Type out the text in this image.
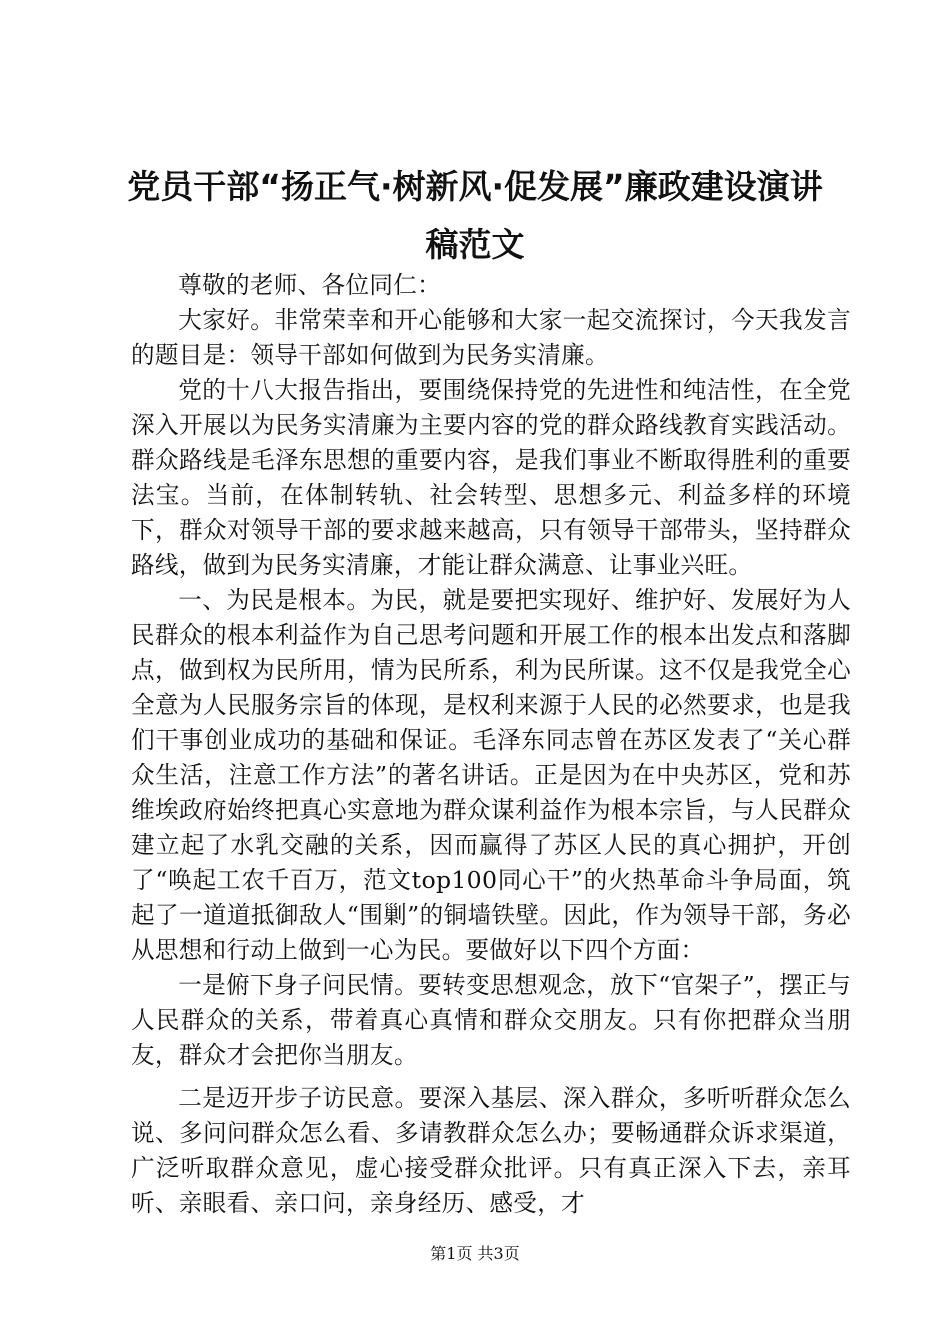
党员干部“扬正气·树新风·促发展”廉政建设演讲稿范文

尊敬的老师、各位同仁：

大家好。非常荣幸和开心能够和大家一起交流探讨，今天我发言的题目是：领导干部如何做到为民务实清廉。

党的十八大报告指出，要围绕保持党的先进性和纯洁性，在全党深入开展以为民务实清廉为主要内容的党的群众路线教育实践活动。群众路线是毛泽东思想的重要内容，是我们事业不断取得胜利的重要法宝。当前，在体制转轨、社会转型、思想多元、利益多样的环境下，群众对领导干部的要求越来越高，只有领导干部带头，坚持群众路线，做到为民务实清廉，才能让群众满意、让事业兴旺。

一、为民是根本。为民，就是要把实现好、维护好、发展好为人民群众的根本利益作为自己思考问题和开展工作的根本出发点和落脚点，做到权为民所用，情为民所系，利为民所谋。这不仅是我党全心全意为人民服务宗旨的体现，是权利来源于人民的必然要求，也是我们干事创业成功的基础和保证。毛泽东同志曾在苏区发表了“关心群众生活，注意工作方法”的著名讲话。正是因为在中央苏区，党和苏维埃政府始终把真心实意地为群众谋利益作为根本宗旨，与人民群众建立起了水乳交融的关系，因而赢得了苏区人民的真心拥护，开创了“唤起工农千百万，范文top100同心干”的火热革命斗争局面，筑起了一道道抵御敌人“围剿”的铜墙铁壁。因此，作为领导干部，务必从思想和行动上做到一心为民。要做好以下四个方面：

一是俯下身子问民情。要转变思想观念，放下“官架子”，摆正与人民群众的关系，带着真心真情和群众交朋友。只有你把群众当朋友，群众才会把你当朋友。

二是迈开步子访民意。要深入基层、深入群众，多听听群众怎么说、多问问群众怎么看、多请教群众怎么办；要畅通群众诉求渠道，广泛听取群众意见，虚心接受群众批评。只有真正深入下去，亲耳听、亲眼看、亲口问，亲身经历、感受，才

第1页 共3页
